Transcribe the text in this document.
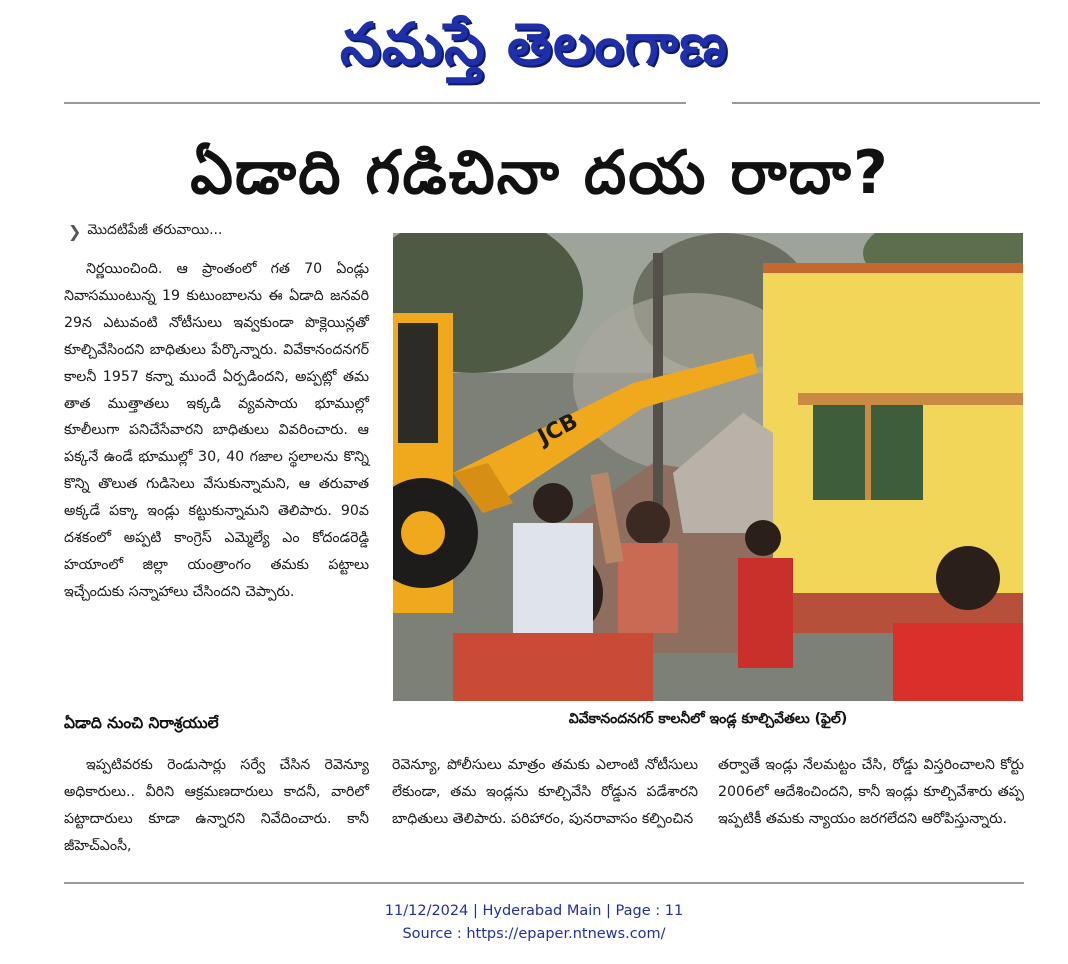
నమస్తే తెలంగాణ
ఏడాది గడిచినా దయ రాదా?
❯ మొదటిపేజీ తరువాయి...

నిర్ణయించింది. ఆ ప్రాంతంలో గత 70 ఏండ్లు నివాసముంటున్న 19 కుటుంబాలను ఈ ఏడాది జనవరి 29న ఎటువంటి నోటీసులు ఇవ్వకుండా పొక్లెయిన్లతో కూల్చివేసిందని బాధితులు పేర్కొన్నారు. వివేకానందనగర్ కాలనీ 1957 కన్నా ముందే ఏర్పడిందని, అప్పట్లో తమ తాత ముత్తాతలు ఇక్కడి వ్యవసాయ భూముల్లో కూలీలుగా పనిచేసేవారని బాధితులు వివరించారు. ఆ పక్కనే ఉండే భూముల్లో 30, 40 గజాల స్థలాలను కొన్ని కొన్ని తొలుత గుడిసెలు వేసుకున్నామని, ఆ తరువాత అక్కడే పక్కా ఇండ్లు కట్టుకున్నామని తెలిపారు. 90వ దశకంలో అప్పటి కాంగ్రెస్ ఎమ్మెల్యే ఎం కోదండరెడ్డి హయాంలో జిల్లా యంత్రాంగం తమకు పట్టాలు ఇచ్చేందుకు సన్నాహాలు చేసిందని చెప్పారు.

ఏడాది నుంచి నిరాశ్రయులే

ఇప్పటివరకు రెండుసార్లు సర్వే చేసిన రెవెన్యూ అధికారులు.. వీరిని ఆక్రమణదారులు కాదనీ, వారిలో పట్టాదారులు కూడా ఉన్నారని నివేదించారు. కానీ జీహెచ్ఎంసీ,

రెవెన్యూ, పోలీసులు మాత్రం తమకు ఎలాంటి నోటీసులు లేకుండా, తమ ఇండ్లను కూల్చివేసి రోడ్డున పడేశారని బాధితులు తెలిపారు. పరిహారం, పునరావాసం కల్పించిన

తర్వాతే ఇండ్లు నేలమట్టం చేసి, రోడ్డు విస్తరించాలని కోర్టు 2006లో ఆదేశించిందని, కానీ ఇండ్లు కూల్చివేశారు తప్ప ఇప్పటికీ తమకు న్యాయం జరగలేదని ఆరోపిస్తున్నారు.

JCB
వివేకానందనగర్ కాలనీలో ఇండ్ల కూల్చివేతలు (ఫైల్)
11/12/2024 | Hyderabad Main | Page : 11
Source : https://epaper.ntnews.com/
